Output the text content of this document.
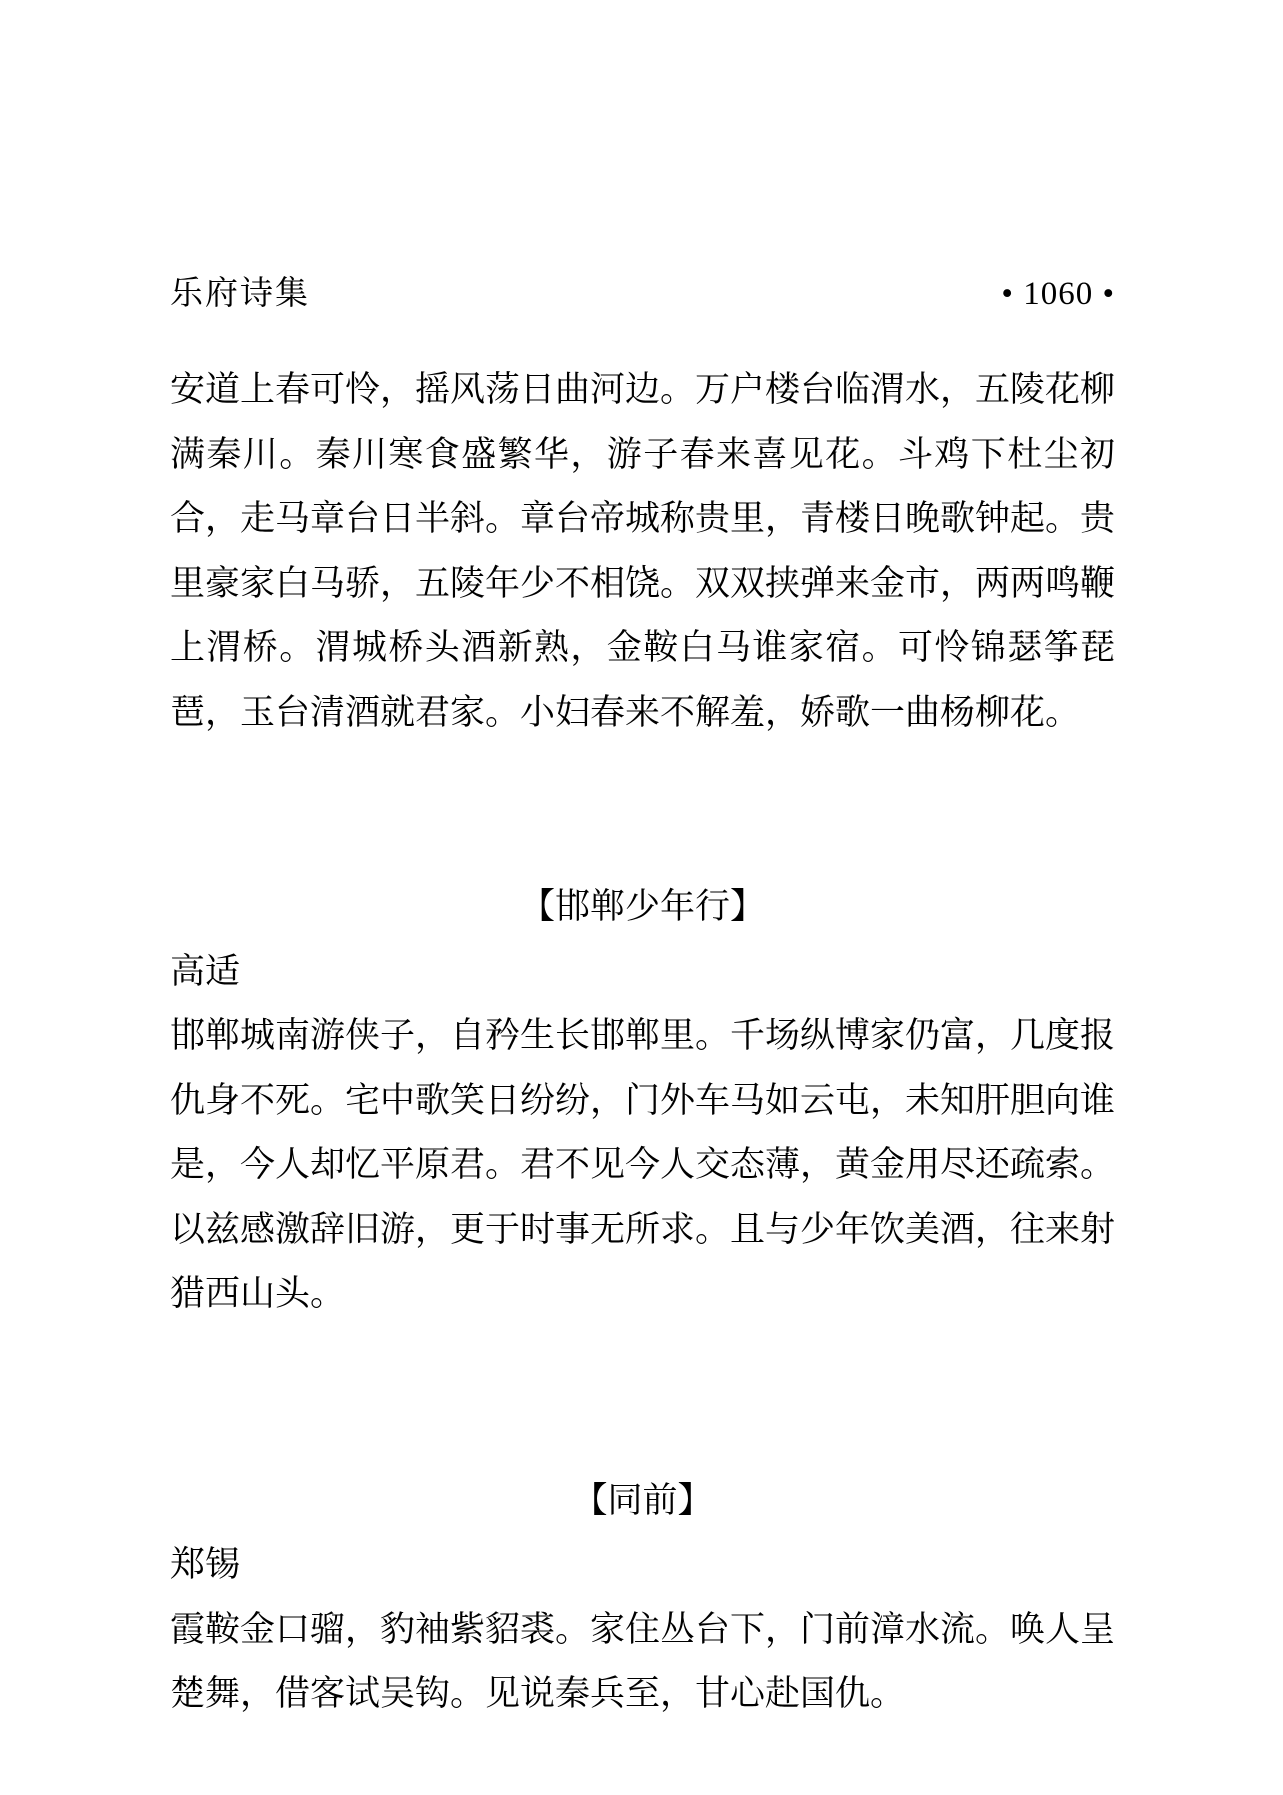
乐府诗集	• 1060 •

安道上春可怜，摇风荡日曲河边。万户楼台临渭水，五陵花柳满秦川。秦川寒食盛繁华，游子春来喜见花。斗鸡下杜尘初合，走马章台日半斜。章台帝城称贵里，青楼日晚歌钟起。贵里豪家白马骄，五陵年少不相饶。双双挟弹来金市，两两鸣鞭上渭桥。渭城桥头酒新熟，金鞍白马谁家宿。可怜锦瑟筝琵琶，玉台清酒就君家。小妇春来不解羞，娇歌一曲杨柳花。

【邯郸少年行】

高适

邯郸城南游侠子，自矜生长邯郸里。千场纵博家仍富，几度报仇身不死。宅中歌笑日纷纷，门外车马如云屯，未知肝胆向谁是，今人却忆平原君。君不见今人交态薄，黄金用尽还疏索。以兹感激辞旧游，更于时事无所求。且与少年饮美酒，往来射猎西山头。

【同前】

郑锡

霞鞍金口骝，豹袖紫貂裘。家住丛台下，门前漳水流。唤人呈楚舞，借客试吴钩。见说秦兵至，甘心赴国仇。
